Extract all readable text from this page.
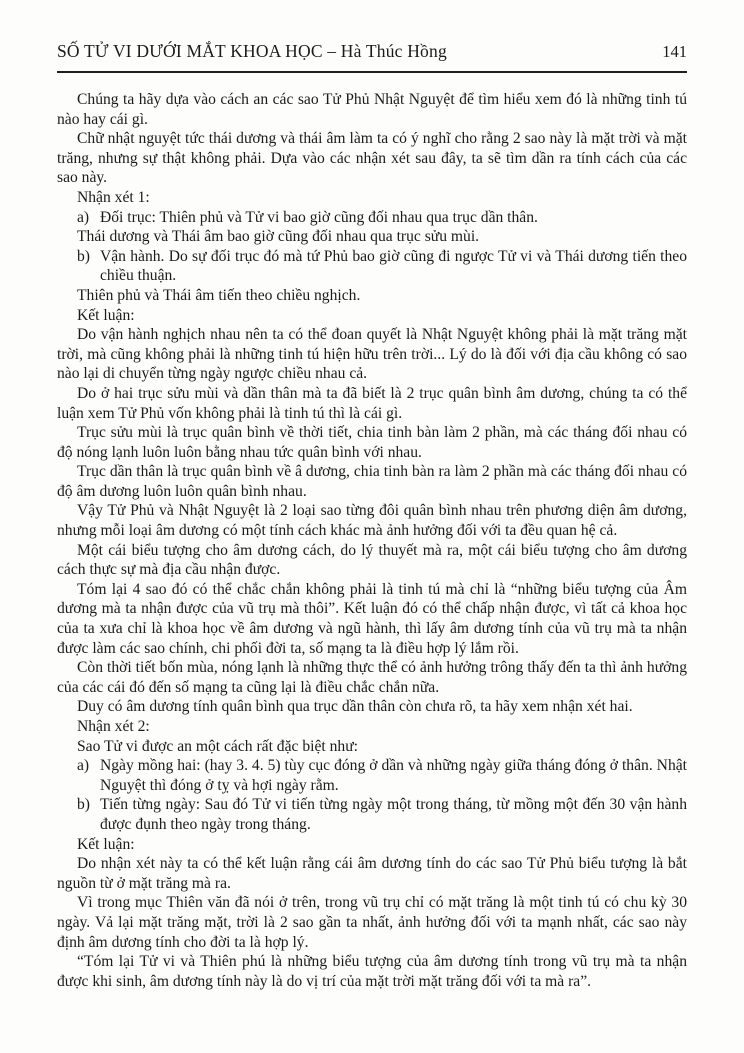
SỐ TỬ VI DƯỚI MẮT KHOA HỌC – Hà Thúc Hồng	141
Chúng ta hãy dựa vào cách an các sao Tử Phủ Nhật Nguyệt để tìm hiểu xem đó là những tinh tú nào hay cái gì.
Chữ nhật nguyệt tức thái dương và thái âm làm ta có ý nghĩ cho rằng 2 sao này là mặt trời và mặt trăng, nhưng sự thật không phải. Dựa vào các nhận xét sau đây, ta sẽ tìm dần ra tính cách của các sao này.
Nhận xét 1:
a) Đối trục: Thiên phủ và Tử vi bao giờ cũng đối nhau qua trục dần thân.
Thái dương và Thái âm bao giờ cũng đối nhau qua trục sửu mùi.
b) Vận hành. Do sự đối trục đó mà tứ Phủ bao giờ cũng đi ngược Tử vi và Thái dương tiến theo chiều thuận.
Thiên phủ và Thái âm tiến theo chiều nghịch.
Kết luận:
Do vận hành nghịch nhau nên ta có thể đoan quyết là Nhật Nguyệt không phải là mặt trăng mặt trời, mà cũng không phải là những tinh tú hiện hữu trên trời... Lý do là đối với địa cầu không có sao nào lại di chuyển từng ngày ngược chiều nhau cả.
Do ở hai trục sửu mùi và dần thân mà ta đã biết là 2 trục quân bình âm dương, chúng ta có thể luận xem Tử Phủ vốn không phải là tinh tú thì là cái gì.
Trục sửu mùi là trục quân bình về thời tiết, chia tinh bàn làm 2 phần, mà các tháng đối nhau có độ nóng lạnh luôn luôn bằng nhau tức quân bình với nhau.
Trục dần thân là trục quân bình về â dương, chia tinh bàn ra làm 2 phần mà các tháng đối nhau có độ âm dương luôn luôn quân bình nhau.
Vậy Tử Phủ và Nhật Nguyệt là 2 loại sao từng đôi quân bình nhau trên phương diện âm dương, nhưng mỗi loại âm dương có một tính cách khác mà ảnh hưởng đối với ta đều quan hệ cả.
Một cái biểu tượng cho âm dương cách, do lý thuyết mà ra, một cái biểu tượng cho âm dương cách thực sự mà địa cầu nhận được.
Tóm lại 4 sao đó có thể chắc chắn không phải là tinh tú mà chỉ là “những biểu tượng của Âm dương mà ta nhận được của vũ trụ mà thôi”. Kết luận đó có thể chấp nhận được, vì tất cả khoa học của ta xưa chỉ là khoa học về âm dương và ngũ hành, thì lấy âm dương tính của vũ trụ mà ta nhận được làm các sao chính, chi phối đời ta, số mạng ta là điều hợp lý lắm rồi.
Còn thời tiết bốn mùa, nóng lạnh là những thực thể có ảnh hưởng trông thấy đến ta thì ảnh hưởng của các cái đó đến số mạng ta cũng lại là điều chắc chắn nữa.
Duy có âm dương tính quân bình qua trục dần thân còn chưa rõ, ta hãy xem nhận xét hai.
Nhận xét 2:
Sao Tử vi được an một cách rất đặc biệt như:
a) Ngày mồng hai: (hay 3. 4. 5) tùy cục đóng ở dần và những ngày giữa tháng đóng ở thân. Nhật Nguyệt thì đóng ở tỵ và hợi ngày rằm.
b) Tiến từng ngày: Sau đó Tử vi tiến từng ngày một trong tháng, từ mồng một đến 30 vận hành được đụnh theo ngày trong tháng.
Kết luận:
Do nhận xét này ta có thể kết luận rằng cái âm dương tính do các sao Tử Phủ biểu tượng là bắt nguồn từ ở mặt trăng mà ra.
Vì trong mục Thiên văn đã nói ở trên, trong vũ trụ chỉ có mặt trăng là một tinh tú có chu kỳ 30 ngày. Vả lại mặt trăng mặt, trời là 2 sao gần ta nhất, ảnh hưởng đối với ta mạnh nhất, các sao này định âm dương tính cho đời ta là hợp lý.
“Tóm lại Tử vi và Thiên phú là những biểu tượng của âm dương tính trong vũ trụ mà ta nhận được khi sinh, âm dương tính này là do vị trí của mặt trời mặt trăng đối với ta mà ra”.
